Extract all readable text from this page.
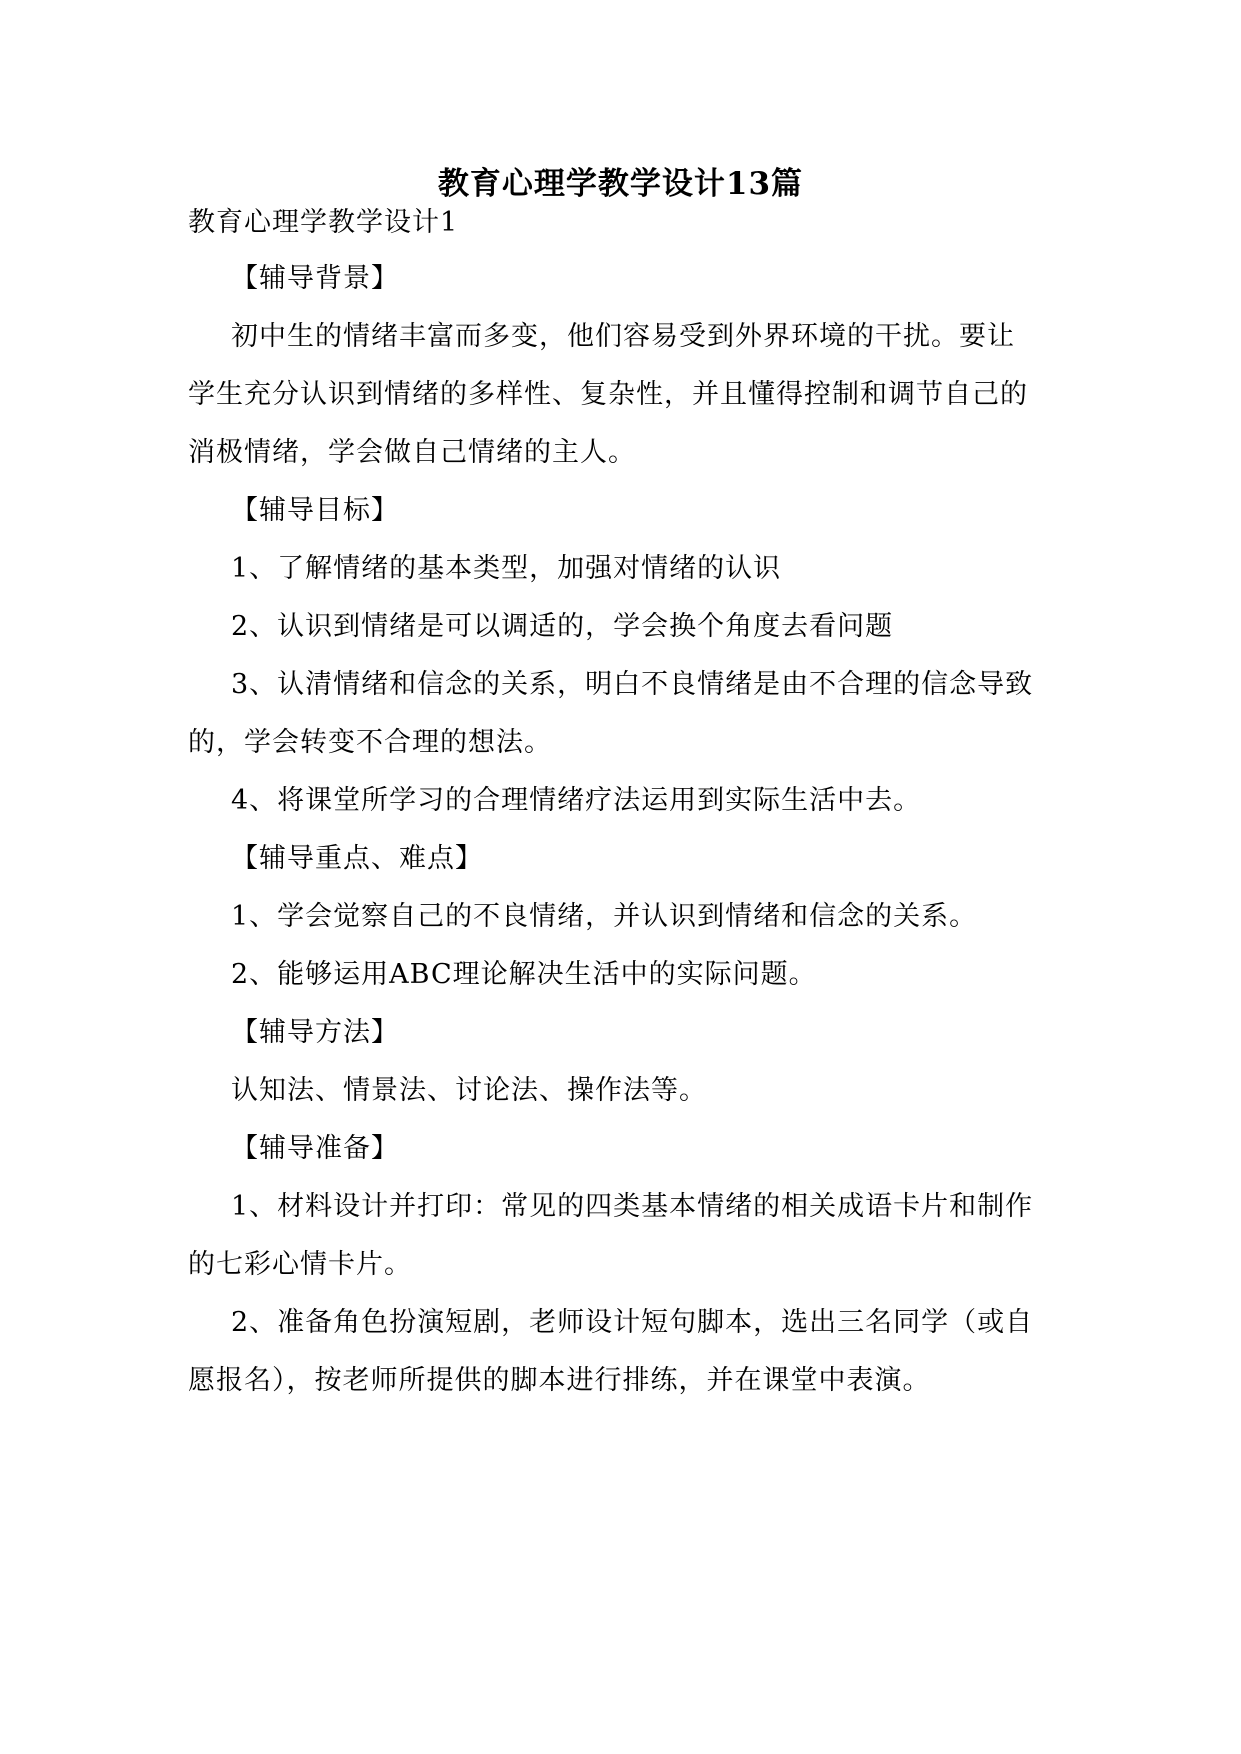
教育心理学教学设计13篇
教育心理学教学设计1
【辅导背景】
初中生的情绪丰富而多变，他们容易受到外界环境的干扰。要让
学生充分认识到情绪的多样性、复杂性，并且懂得控制和调节自己的
消极情绪，学会做自己情绪的主人。
【辅导目标】
1、了解情绪的基本类型，加强对情绪的认识
2、认识到情绪是可以调适的，学会换个角度去看问题
3、认清情绪和信念的关系，明白不良情绪是由不合理的信念导致
的，学会转变不合理的想法。
4、将课堂所学习的合理情绪疗法运用到实际生活中去。
【辅导重点、难点】
1、学会觉察自己的不良情绪，并认识到情绪和信念的关系。
2、能够运用ABC理论解决生活中的实际问题。
【辅导方法】
认知法、情景法、讨论法、操作法等。
【辅导准备】
1、材料设计并打印：常见的四类基本情绪的相关成语卡片和制作
的七彩心情卡片。
2、准备角色扮演短剧，老师设计短句脚本，选出三名同学（或自
愿报名），按老师所提供的脚本进行排练，并在课堂中表演。
